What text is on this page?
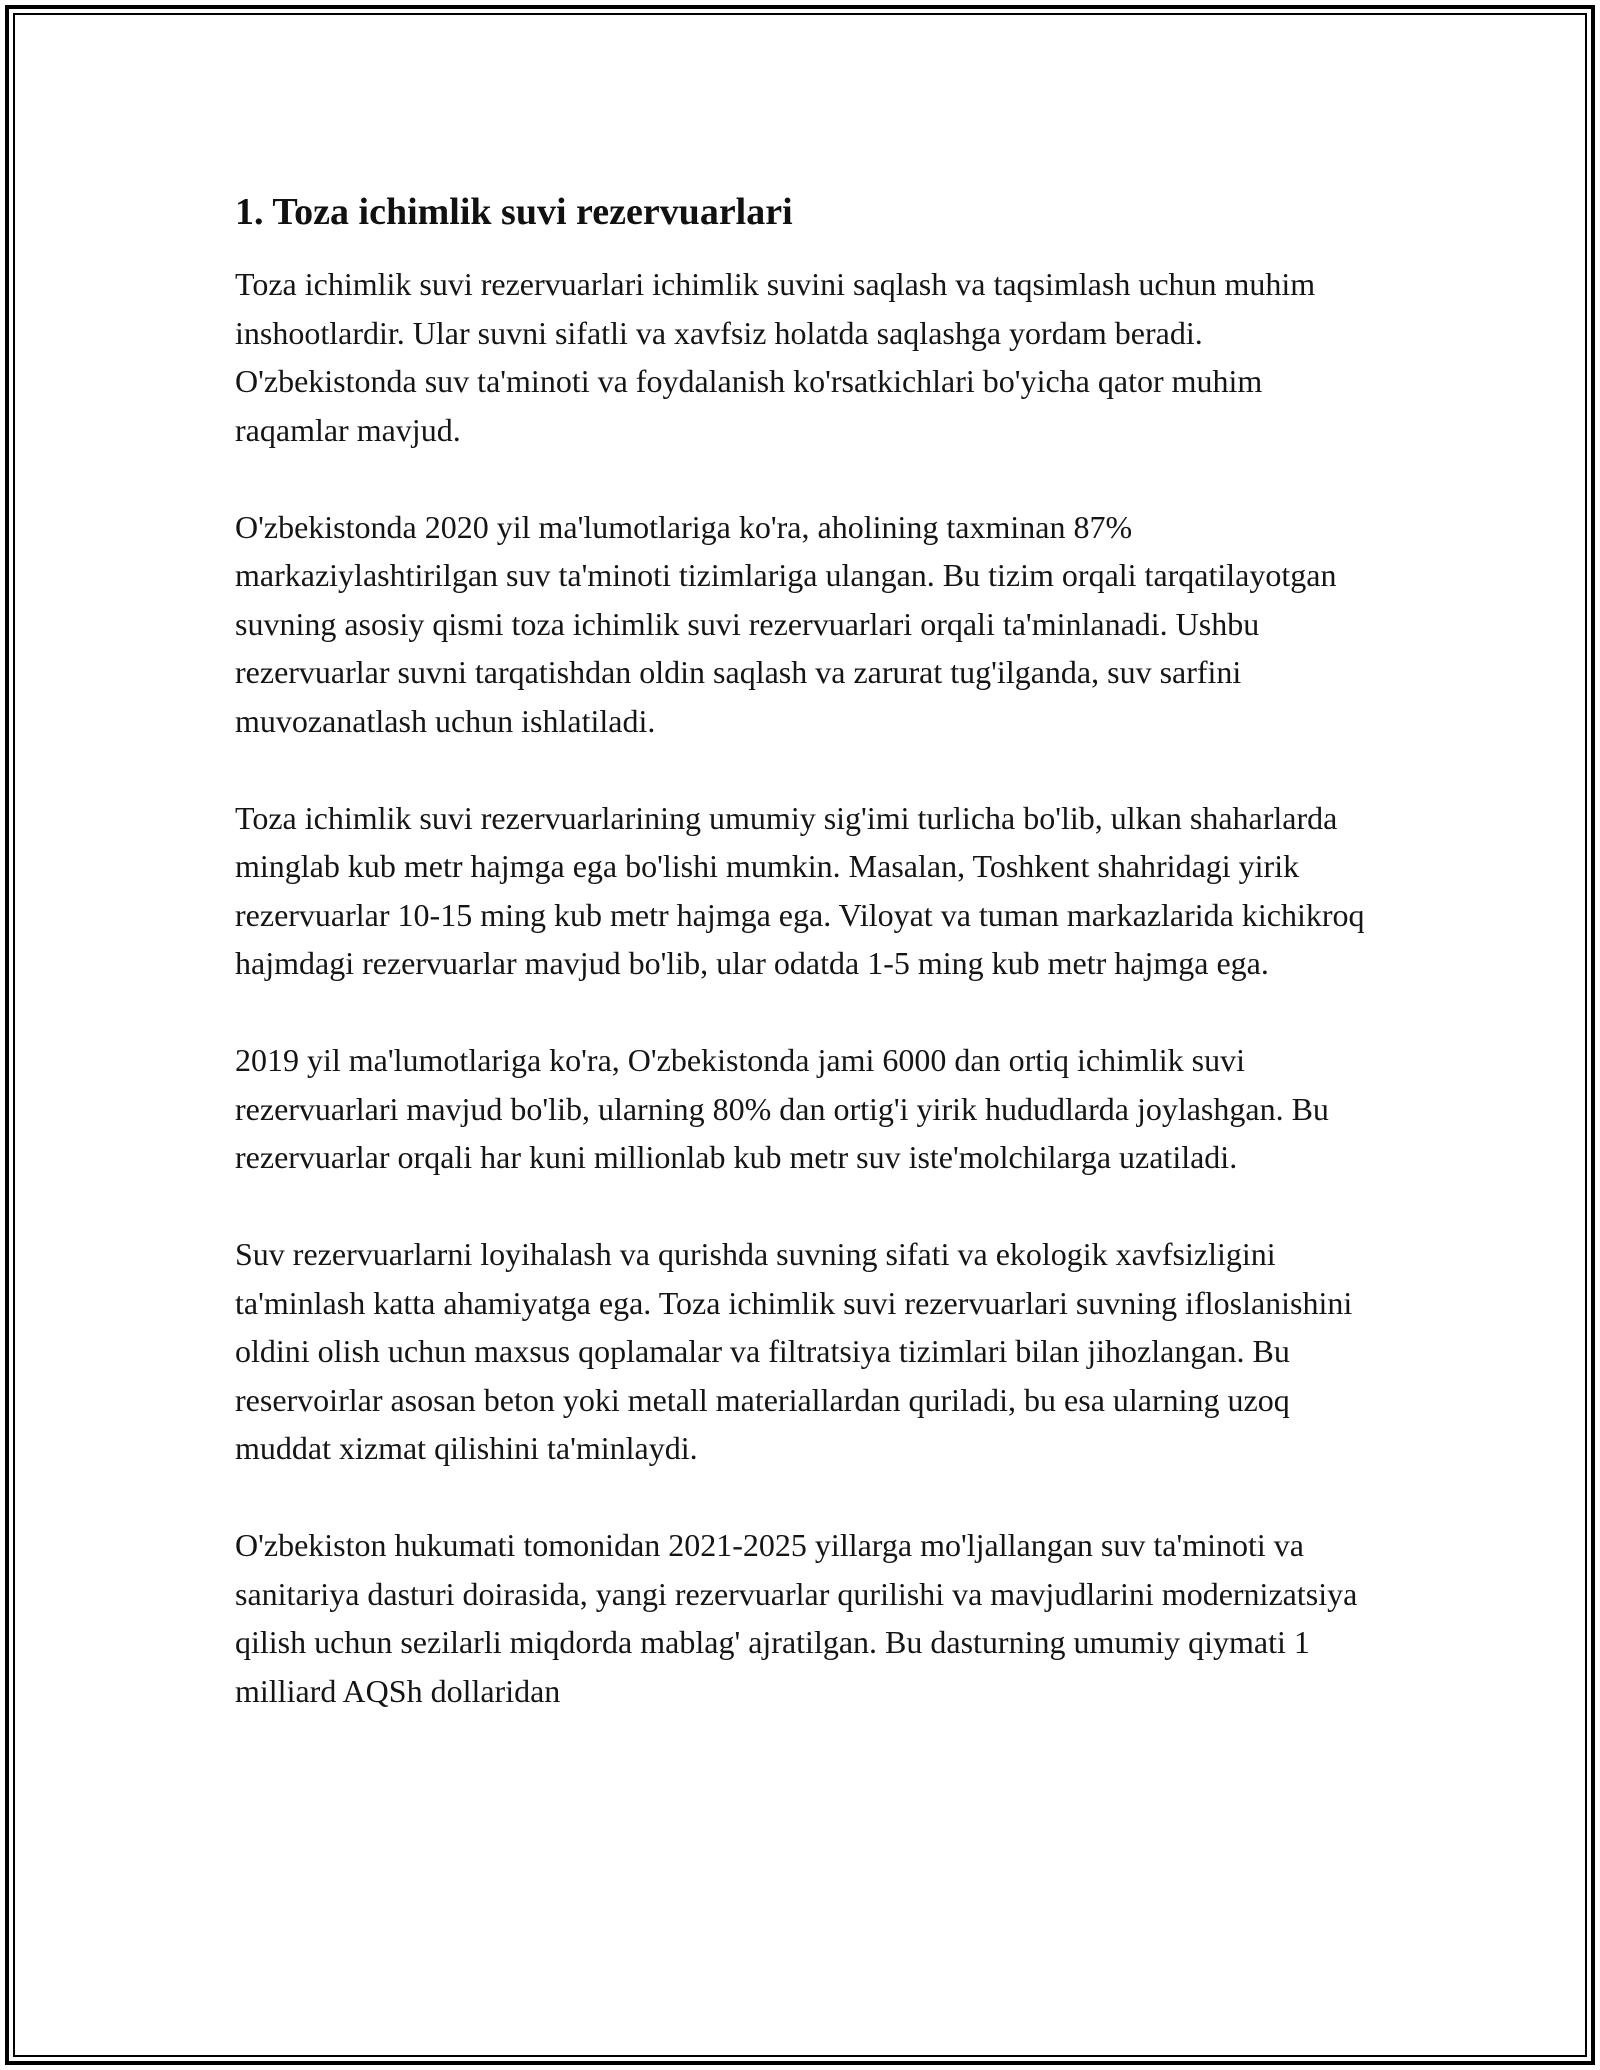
1. Toza ichimlik suvi rezervuarlari

Toza ichimlik suvi rezervuarlari ichimlik suvini saqlash va taqsimlash uchun muhim inshootlardir. Ular suvni sifatli va xavfsiz holatda saqlashga yordam beradi. O'zbekistonda suv ta'minoti va foydalanish ko'rsatkichlari bo'yicha qator muhim raqamlar mavjud.

O'zbekistonda 2020 yil ma'lumotlariga ko'ra, aholining taxminan 87% markaziylashtirilgan suv ta'minoti tizimlariga ulangan. Bu tizim orqali tarqatilayotgan suvning asosiy qismi toza ichimlik suvi rezervuarlari orqali ta'minlanadi. Ushbu rezervuarlar suvni tarqatishdan oldin saqlash va zarurat tug'ilganda, suv sarfini muvozanatlash uchun ishlatiladi.

Toza ichimlik suvi rezervuarlarining umumiy sig'imi turlicha bo'lib, ulkan shaharlarda minglab kub metr hajmga ega bo'lishi mumkin. Masalan, Toshkent shahridagi yirik rezervuarlar 10-15 ming kub metr hajmga ega. Viloyat va tuman markazlarida kichikroq hajmdagi rezervuarlar mavjud bo'lib, ular odatda 1-5 ming kub metr hajmga ega.

2019 yil ma'lumotlariga ko'ra, O'zbekistonda jami 6000 dan ortiq ichimlik suvi rezervuarlari mavjud bo'lib, ularning 80% dan ortig'i yirik hududlarda joylashgan. Bu rezervuarlar orqali har kuni millionlab kub metr suv iste'molchilarga uzatiladi.

Suv rezervuarlarni loyihalash va qurishda suvning sifati va ekologik xavfsizligini ta'minlash katta ahamiyatga ega. Toza ichimlik suvi rezervuarlari suvning ifloslanishini oldini olish uchun maxsus qoplamalar va filtratsiya tizimlari bilan jihozlangan. Bu reservoirlar asosan beton yoki metall materiallardan quriladi, bu esa ularning uzoq muddat xizmat qilishini ta'minlaydi.

O'zbekiston hukumati tomonidan 2021-2025 yillarga mo'ljallangan suv ta'minoti va sanitariya dasturi doirasida, yangi rezervuarlar qurilishi va mavjudlarini modernizatsiya qilish uchun sezilarli miqdorda mablag' ajratilgan. Bu dasturning umumiy qiymati 1 milliard AQSh dollaridan
